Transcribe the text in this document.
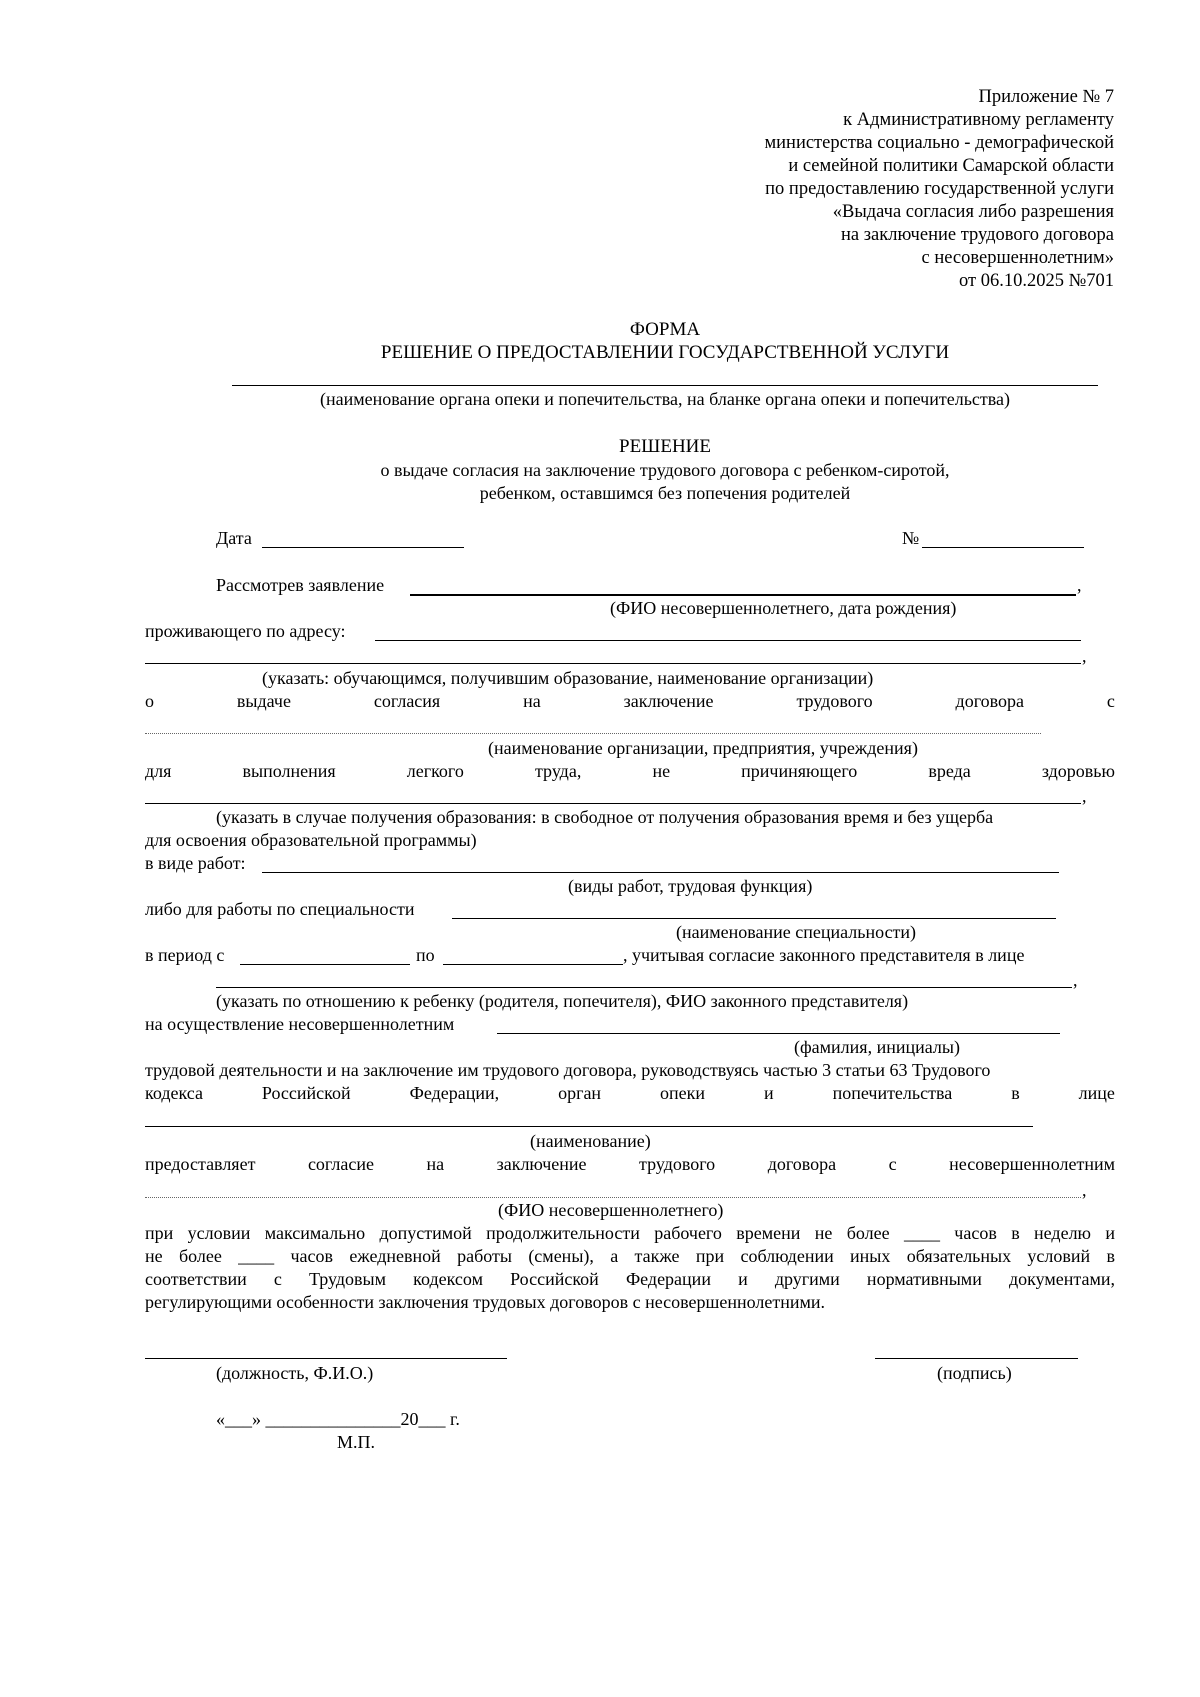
Приложение № 7
к Административному регламенту
министерства социально - демографической
и семейной политики Самарской области
по предоставлению государственной услуги
«Выдача согласия либо разрешения
на заключение трудового договора
с несовершеннолетним»
от 06.10.2025 №701
ФОРМА
РЕШЕНИЕ О ПРЕДОСТАВЛЕНИИ ГОСУДАРСТВЕННОЙ УСЛУГИ
(наименование органа опеки и попечительства, на бланке органа опеки и попечительства)
РЕШЕНИЕ
о выдаче согласия на заключение трудового договора с ребенком-сиротой,
ребенком, оставшимся без попечения родителей
Дата	№
Рассмотрев заявление	,
(ФИО несовершеннолетнего, дата рождения)
проживающего по адресу:
,
(указать: обучающимся, получившим образование, наименование организации)
о	выдаче	согласия	на	заключение	трудового	договора	с
(наименование организации, предприятия, учреждения)
для	выполнения	легкого	труда,	не	причиняющего	вреда	здоровью
,
(указать в случае получения образования: в свободное от получения образования время и без ущерба
для освоения образовательной программы)
в виде работ:
(виды работ, трудовая функция)
либо для работы по специальности
(наименование специальности)
в период с	по	, учитывая согласие законного представителя в лице
,
(указать по отношению к ребенку (родителя, попечителя), ФИО законного представителя)
на осуществление несовершеннолетним
(фамилия, инициалы)
трудовой деятельности и на заключение им трудового договора, руководствуясь частью 3 статьи 63 Трудового
кодекса	Российской	Федерации,	орган	опеки	и	попечительства	в	лице
(наименование)
предоставляет	согласие	на	заключение	трудового	договора	с	несовершеннолетним
,
(ФИО несовершеннолетнего)
при условии максимально допустимой продолжительности рабочего времени не более ____ часов в неделю и
не более ____ часов ежедневной работы (смены), а также при соблюдении иных обязательных условий в
соответствии с Трудовым кодексом Российской Федерации и другими нормативными документами,
регулирующими особенности заключения трудовых договоров с несовершеннолетними.
(должность, Ф.И.О.)	(подпись)
«___» _______________20___ г.
М.П.
